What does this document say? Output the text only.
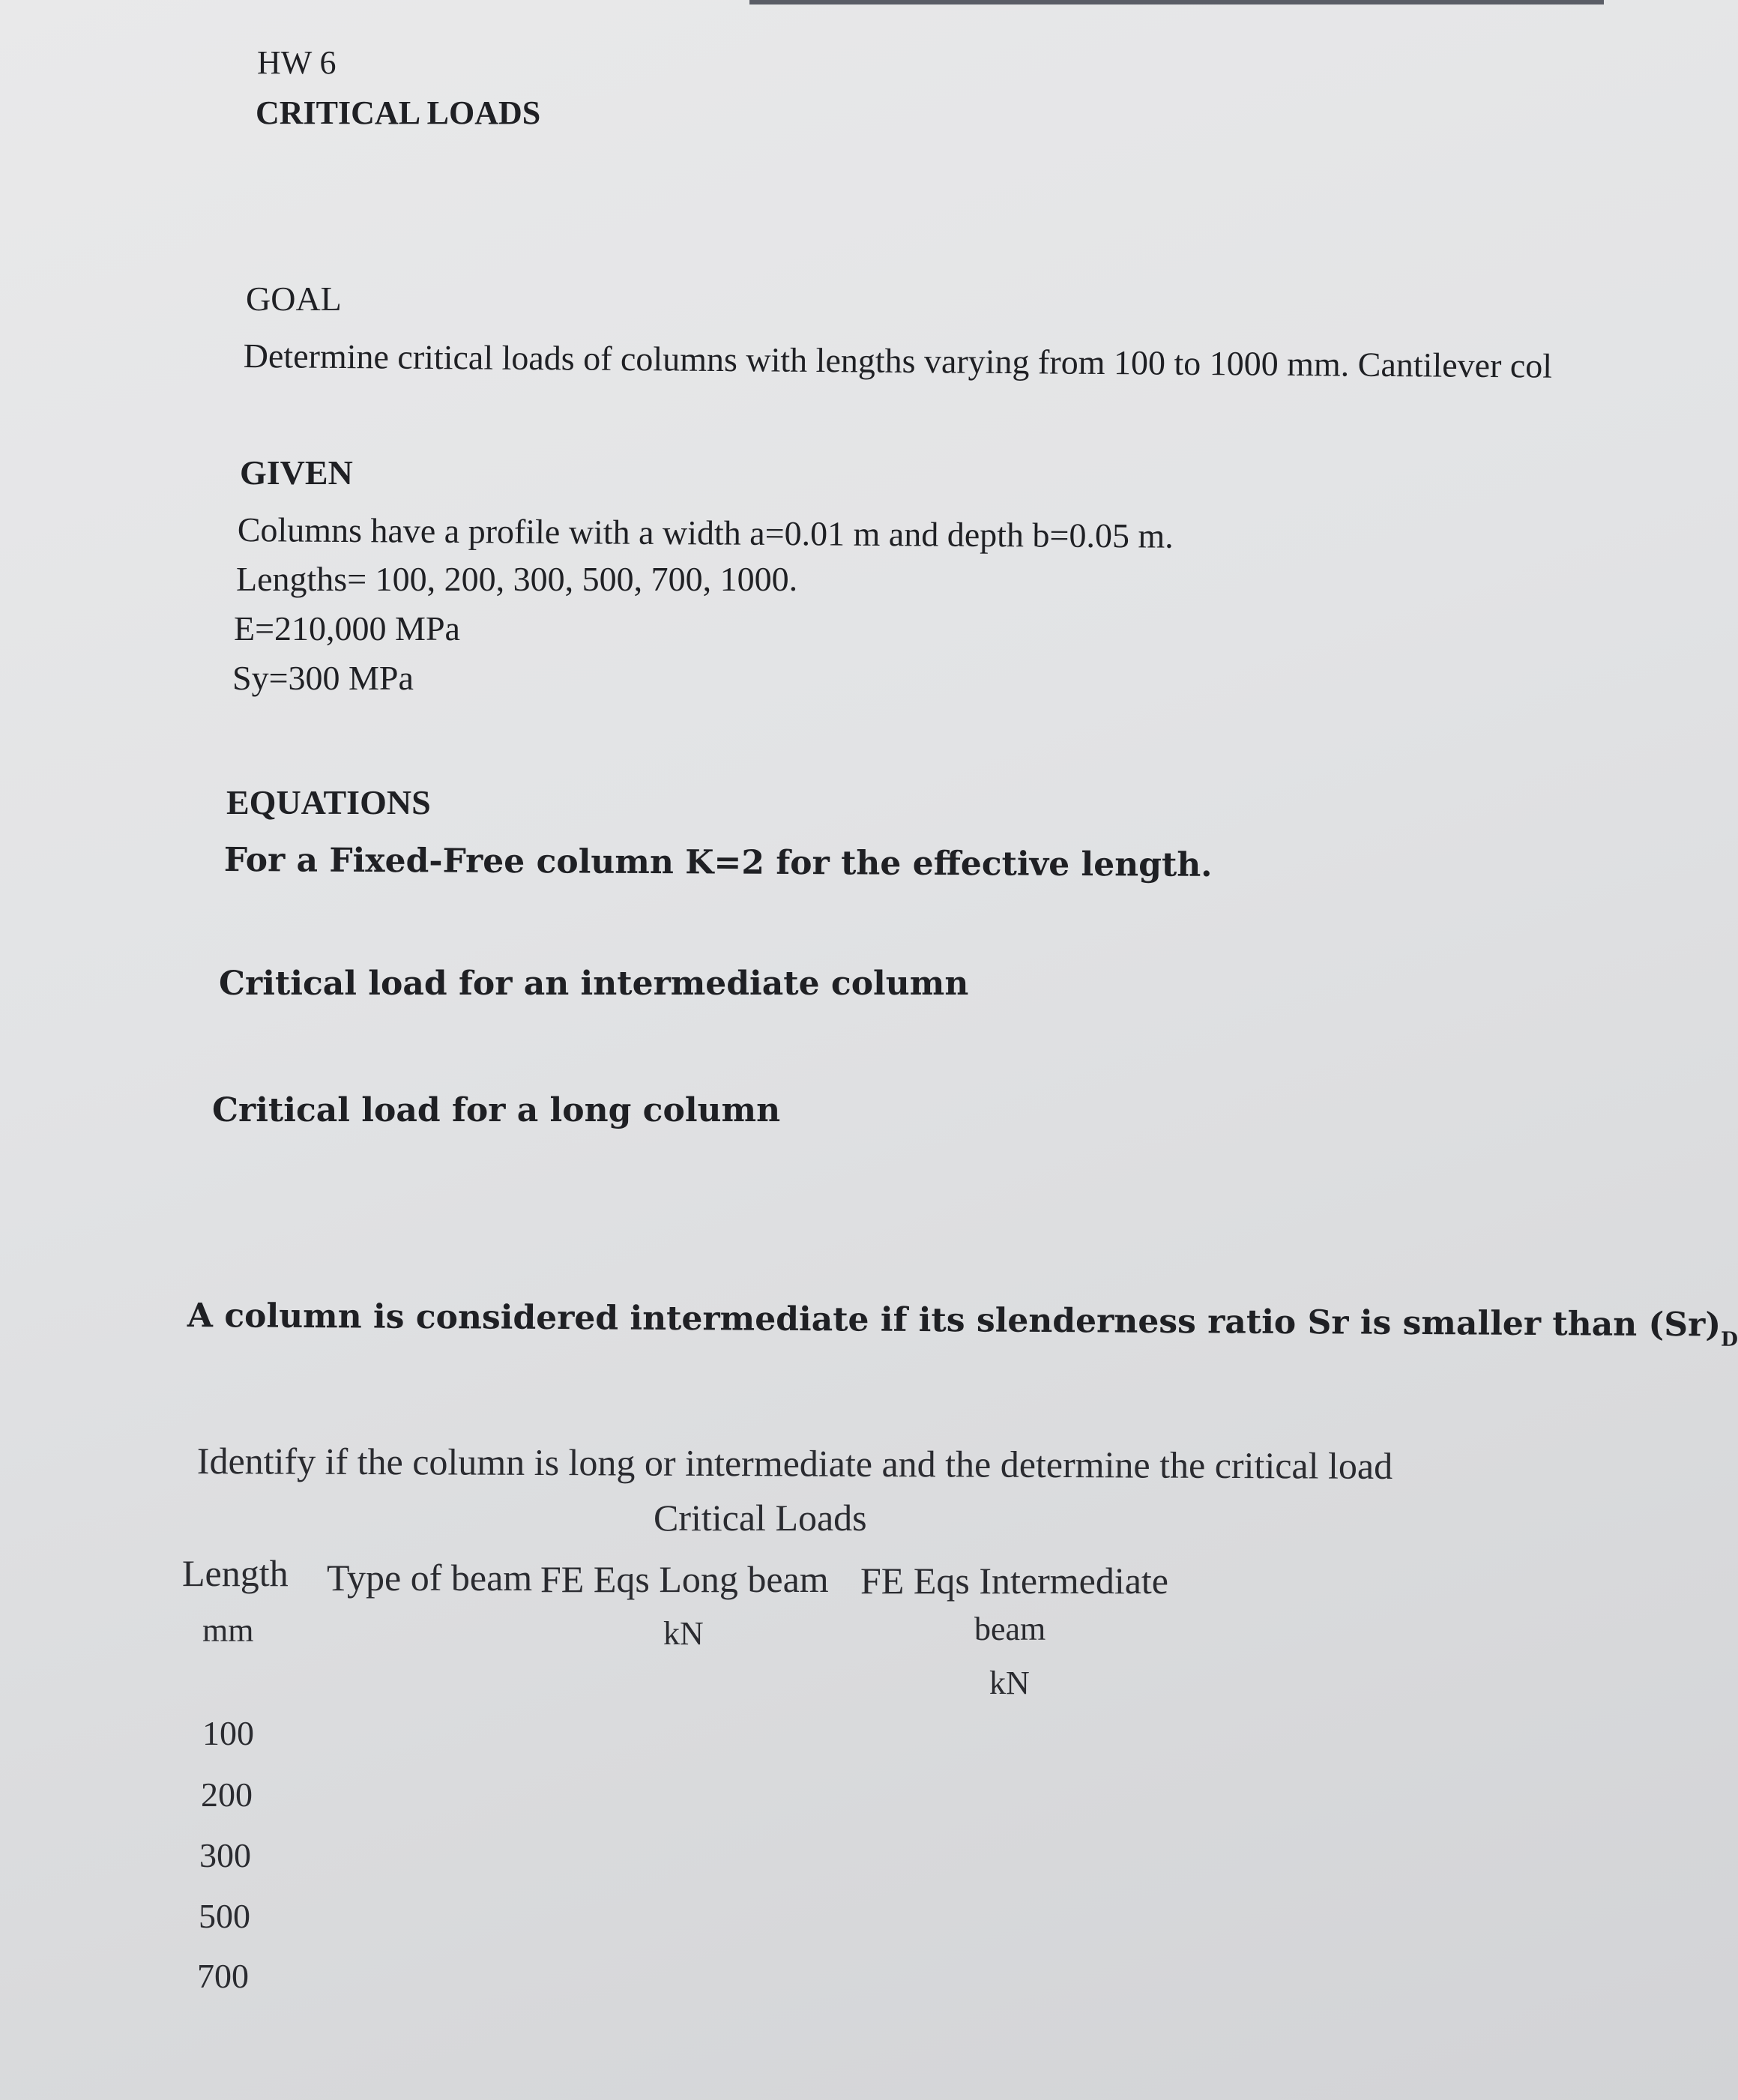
HW 6

CRITICAL LOADS

GOAL

Determine critical loads of columns with lengths varying from 100 to 1000 mm. Cantilever col

GIVEN

Columns have a profile with a width a=0.01 m and depth b=0.05 m.

Lengths= 100, 200, 300, 500, 700, 1000.

E=210,000 MPa

Sy=300 MPa

EQUATIONS

For a Fixed-Free column K=2 for the effective length.

Critical load for an intermediate column

Critical load for a long column

A column is considered intermediate if its slenderness ratio Sr is smaller than $(Sr)_D$

Identify if the column is long or intermediate and the determine the critical load

Critical Loads

Length Type of beam FE Eqs Long beam FE Eqs Intermediate

beam

mm	kN

kN

100

200

300

500

700
